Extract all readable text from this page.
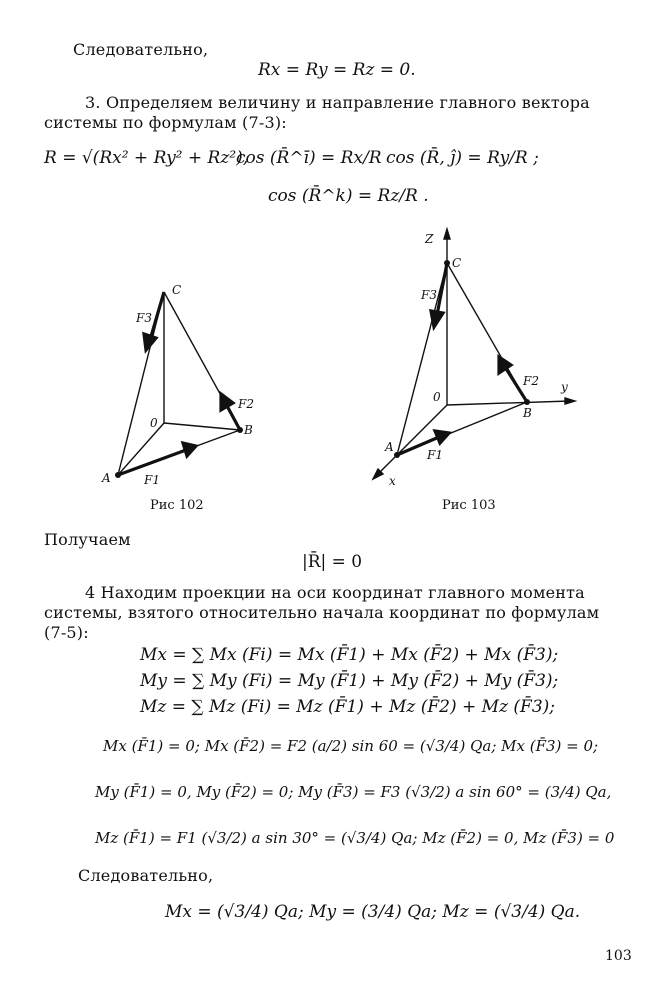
Следовательно,
Rx = Ry = Rz = 0.
3. Определяем величину и направление главного вектора
системы по формулам (7-3):
R = √(Rx² + Ry² + Rz²),
cos (R̄^ī) = Rx/R cos (R̄, ĵ) = Ry/R ;
cos (R̄^k) = Rz/R .
C
B
0
A
F3
F2
F1
Рис 102
Z
C
B
0
A
y
x
F3
F2
F1
Рис 103
Получаем
|R̄| = 0
4 Находим проекции на оси координат главного момента
системы, взятого относительно начала координат по формулам
(7-5):
Mx = ∑ Mx (Fi) = Mx (F̄1) + Mx (F̄2) + Mx (F̄3);
My = ∑ My (Fi) = My (F̄1) + My (F̄2) + My (F̄3);
Mz = ∑ Mz (Fi) = Mz (F̄1) + Mz (F̄2) + Mz (F̄3);
Mx (F̄1) = 0; Mx (F̄2) = F2 (a/2) sin 60 = (√3/4) Qa; Mx (F̄3) = 0;
My (F̄1) = 0, My (F̄2) = 0; My (F̄3) = F3 (√3/2) a sin 60° = (3/4) Qa,
Mz (F̄1) = F1 (√3/2) a sin 30° = (√3/4) Qa; Mz (F̄2) = 0, Mz (F̄3) = 0
Следовательно,
Mx = (√3/4) Qa; My = (3/4) Qa; Mz = (√3/4) Qa.
103
